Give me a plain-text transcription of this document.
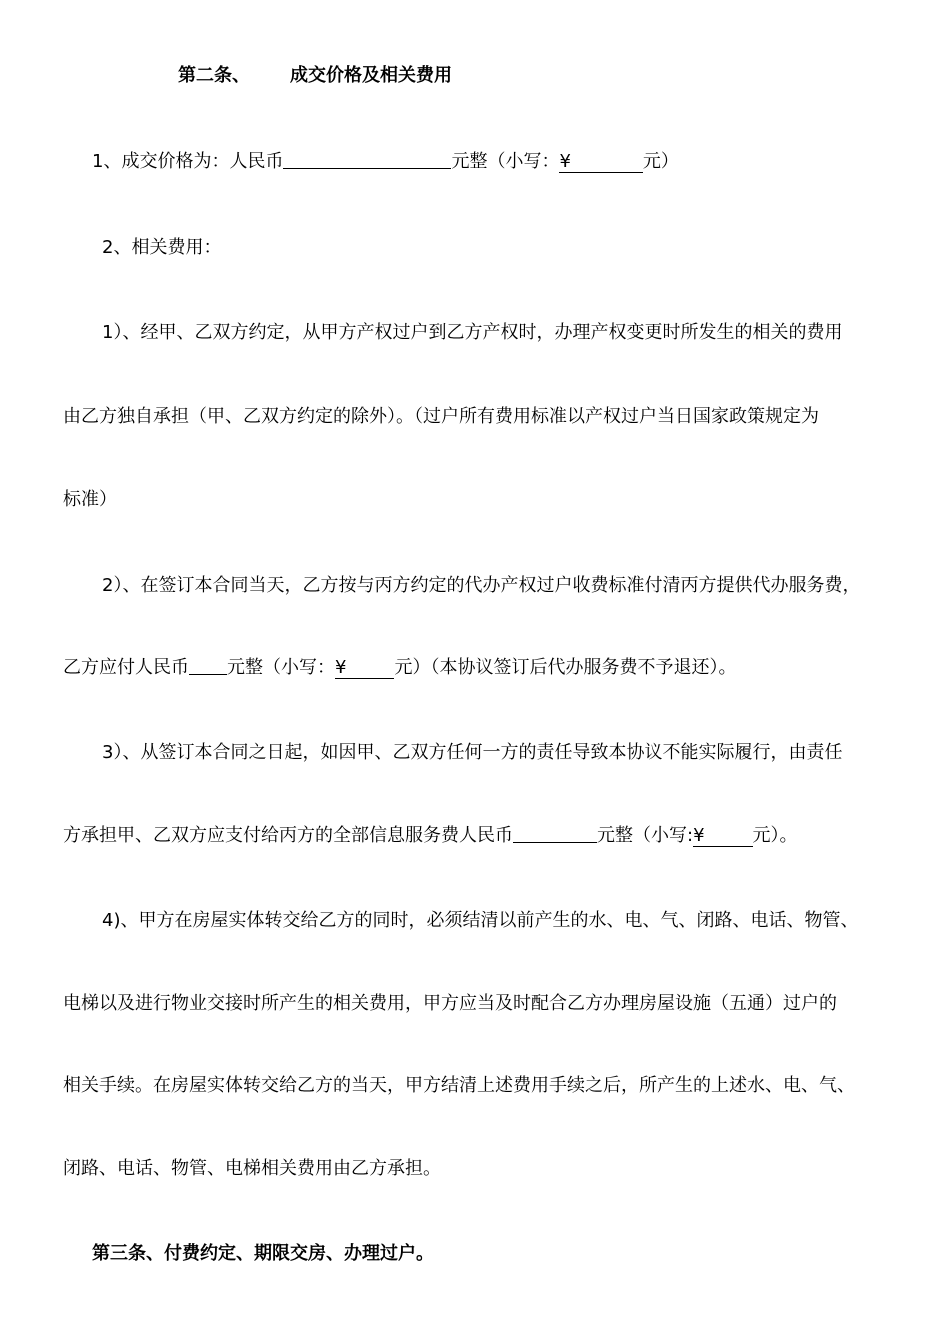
第二条、 成交价格及相关费用
1、成交价格为：人民币	元整（小写：¥	元）
2、相关费用：
1）、经甲、乙双方约定，从甲方产权过户到乙方产权时，办理产权变更时所发生的相关的费用
由乙方独自承担（甲、乙双方约定的除外）。（过户所有费用标准以产权过户当日国家政策规定为
标准）
2）、在签订本合同当天，乙方按与丙方约定的代办产权过户收费标准付清丙方提供代办服务费，
乙方应付人民币 元整（小写：¥	元）（本协议签订后代办服务费不予退还）。
3）、从签订本合同之日起，如因甲、乙双方任何一方的责任导致本协议不能实际履行，由责任
方承担甲、乙双方应支付给丙方的全部信息服务费人民币	元整（小写:¥	元）。
4)、甲方在房屋实体转交给乙方的同时，必须结清以前产生的水、电、气、闭路、电话、物管、
电梯以及进行物业交接时所产生的相关费用，甲方应当及时配合乙方办理房屋设施（五通）过户的
相关手续。在房屋实体转交给乙方的当天，甲方结清上述费用手续之后，所产生的上述水、电、气、
闭路、电话、物管、电梯相关费用由乙方承担。
第三条、付费约定、期限交房、办理过户。
